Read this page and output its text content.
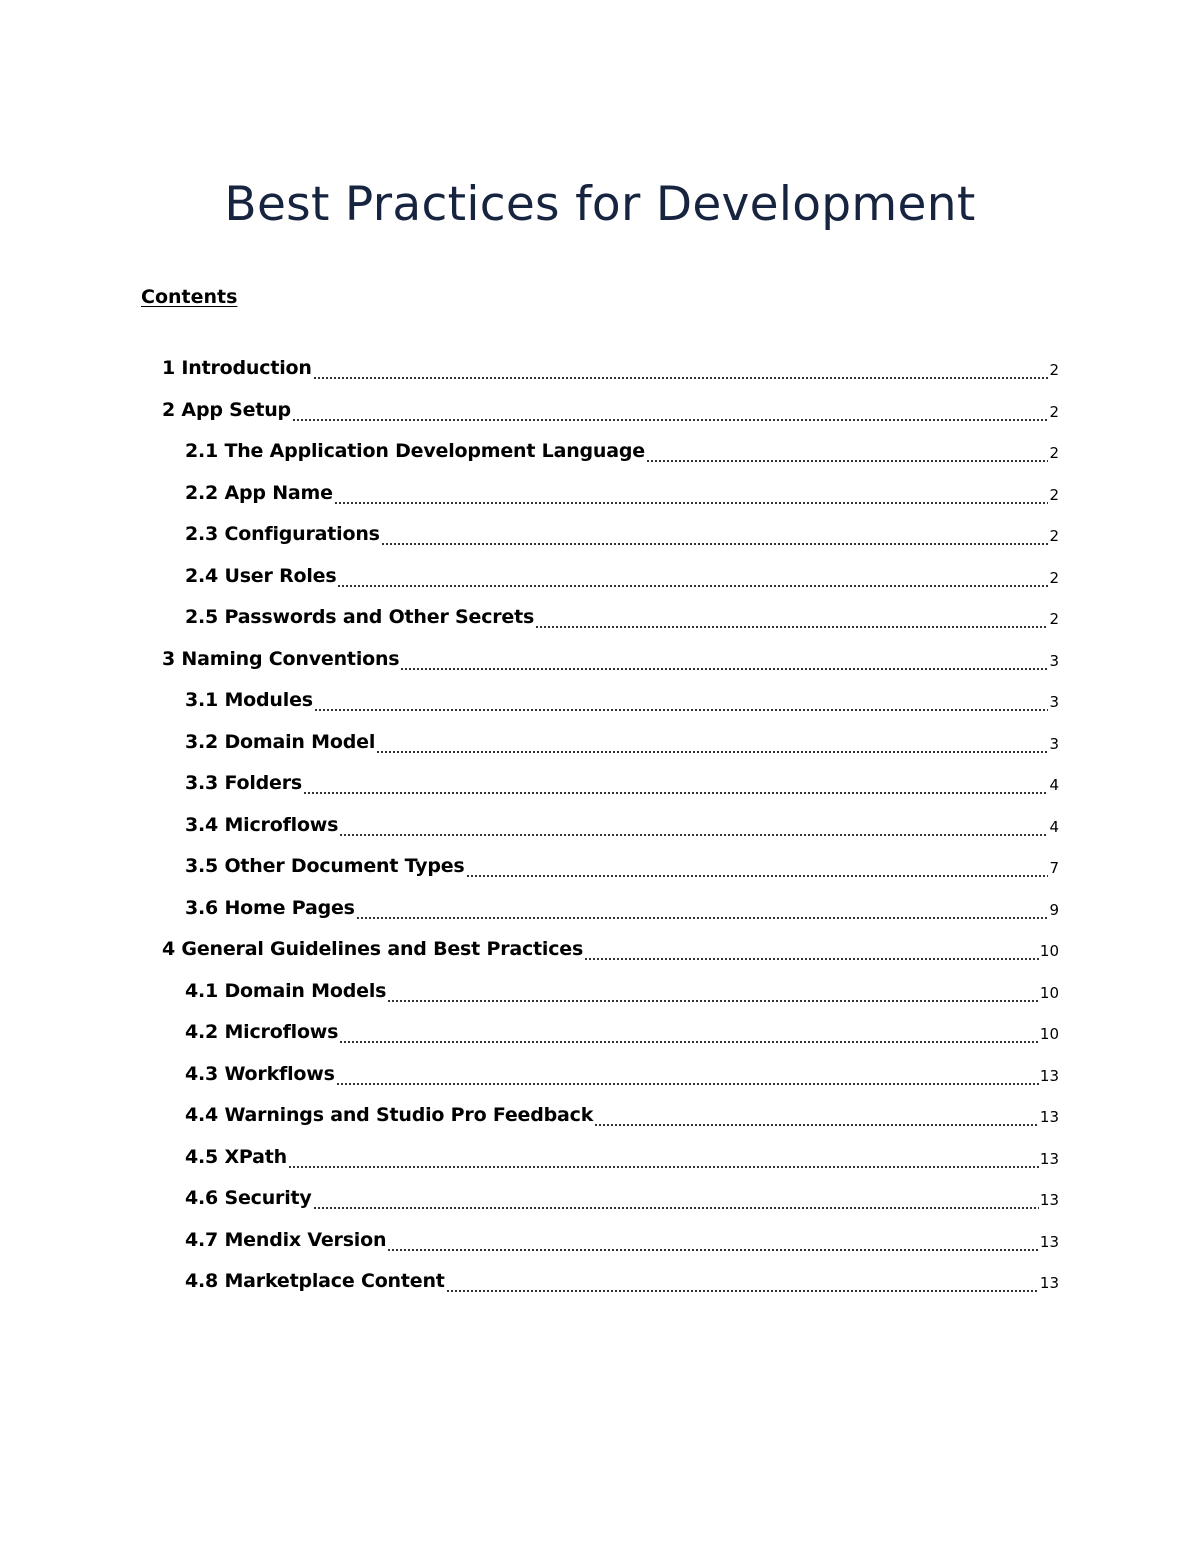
Best Practices for Development
Contents
1 Introduction	2
2 App Setup	2
2.1 The Application Development Language	2
2.2 App Name	2
2.3 Configurations	2
2.4 User Roles	2
2.5 Passwords and Other Secrets	2
3 Naming Conventions	3
3.1 Modules	3
3.2 Domain Model	3
3.3 Folders	4
3.4 Microflows	4
3.5 Other Document Types	7
3.6 Home Pages	9
4 General Guidelines and Best Practices	10
4.1 Domain Models	10
4.2 Microflows	10
4.3 Workflows	13
4.4 Warnings and Studio Pro Feedback	13
4.5 XPath	13
4.6 Security	13
4.7 Mendix Version	13
4.8 Marketplace Content	13
